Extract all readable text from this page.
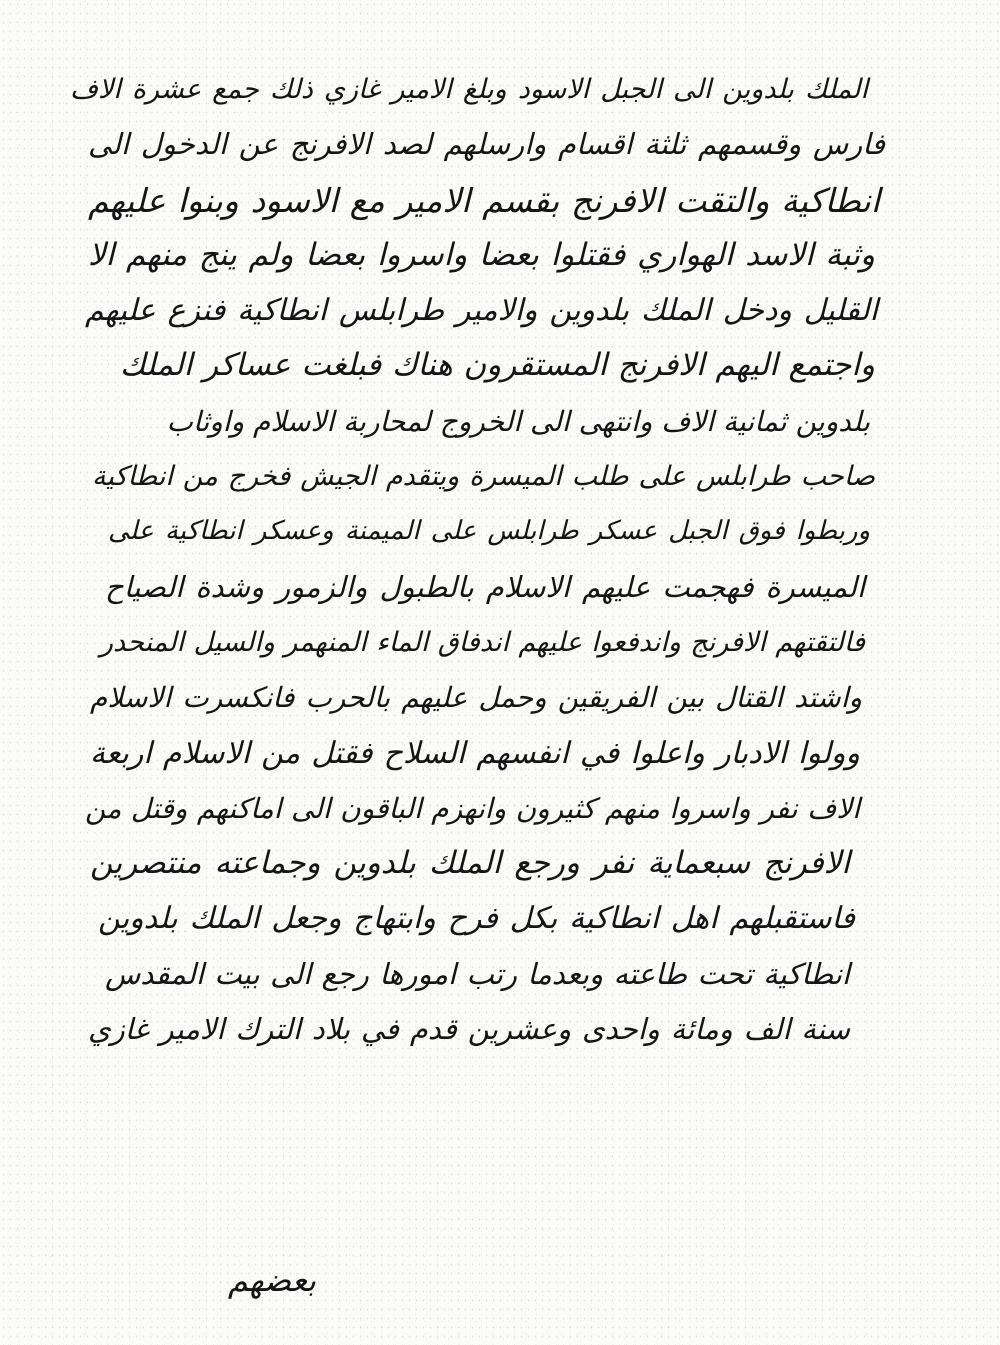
الملك بلدوين الى الجبل الاسود وبلغ الامير غازي ذلك جمع عشرة الاف
فارس وقسمهم ثلثة اقسام وارسلهم لصد الافرنج عن الدخول الى
انطاكية والتقت الافرنج بقسم الامير مع الاسود وبنوا عليهم
وثبة الاسد الهواري فقتلوا بعضا واسروا بعضا ولم ينج منهم الا
القليل ودخل الملك بلدوين والامير طرابلس انطاكية فنزع عليهم
واجتمع اليهم الافرنج المستقرون هناك فبلغت عساكر الملك
بلدوين ثمانية الاف وانتهى الى الخروج لمحاربة الاسلام واوثاب
صاحب طرابلس على طلب الميسرة ويتقدم الجيش فخرج من انطاكية
وربطوا فوق الجبل عسكر طرابلس على الميمنة وعسكر انطاكية على
الميسرة فهجمت عليهم الاسلام بالطبول والزمور وشدة الصياح
فالتقتهم الافرنج واندفعوا عليهم اندفاق الماء المنهمر والسيل المنحدر
واشتد القتال بين الفريقين وحمل عليهم بالحرب فانكسرت الاسلام
وولوا الادبار واعلوا في انفسهم السلاح فقتل من الاسلام اربعة
الاف نفر واسروا منهم كثيرون وانهزم الباقون الى اماكنهم وقتل من
الافرنج سبعماية نفر ورجع الملك بلدوين وجماعته منتصرين
فاستقبلهم اهل انطاكية بكل فرح وابتهاج وجعل الملك بلدوين
انطاكية تحت طاعته وبعدما رتب امورها رجع الى بيت المقدس
سنة الف ومائة واحدى وعشرين قدم في بلاد الترك الامير غازي
بعضهم
